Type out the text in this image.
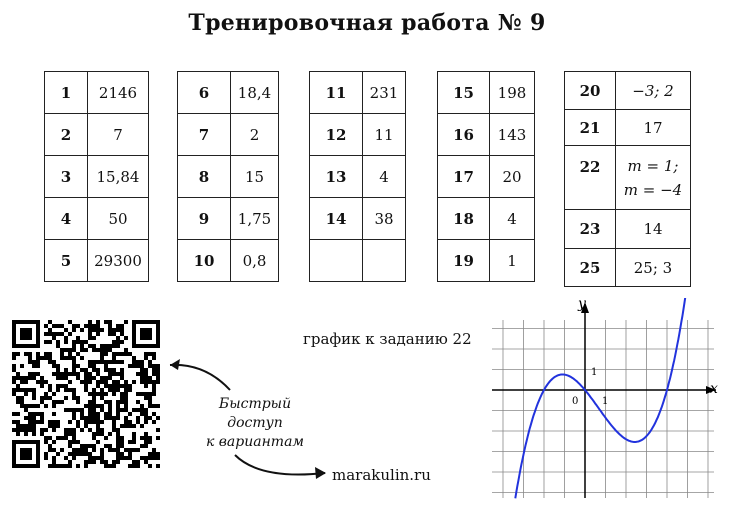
Тренировочная работа № 9
1	2146
2	7
3	15,84
4	50
5	29300
6	18,4
7	2
8	15
9	1,75
10	0,8
11	231
12	11
13	4
14	38

15	198
16	143
17	20
18	4
19	1
20	−3; 2
21	17
22	m = 1;
m = −4

23	14
25	25; 3
Быстрый
доступ
к вариантам
marakulin.ru
график к заданию 22
y
x
0 1
1
